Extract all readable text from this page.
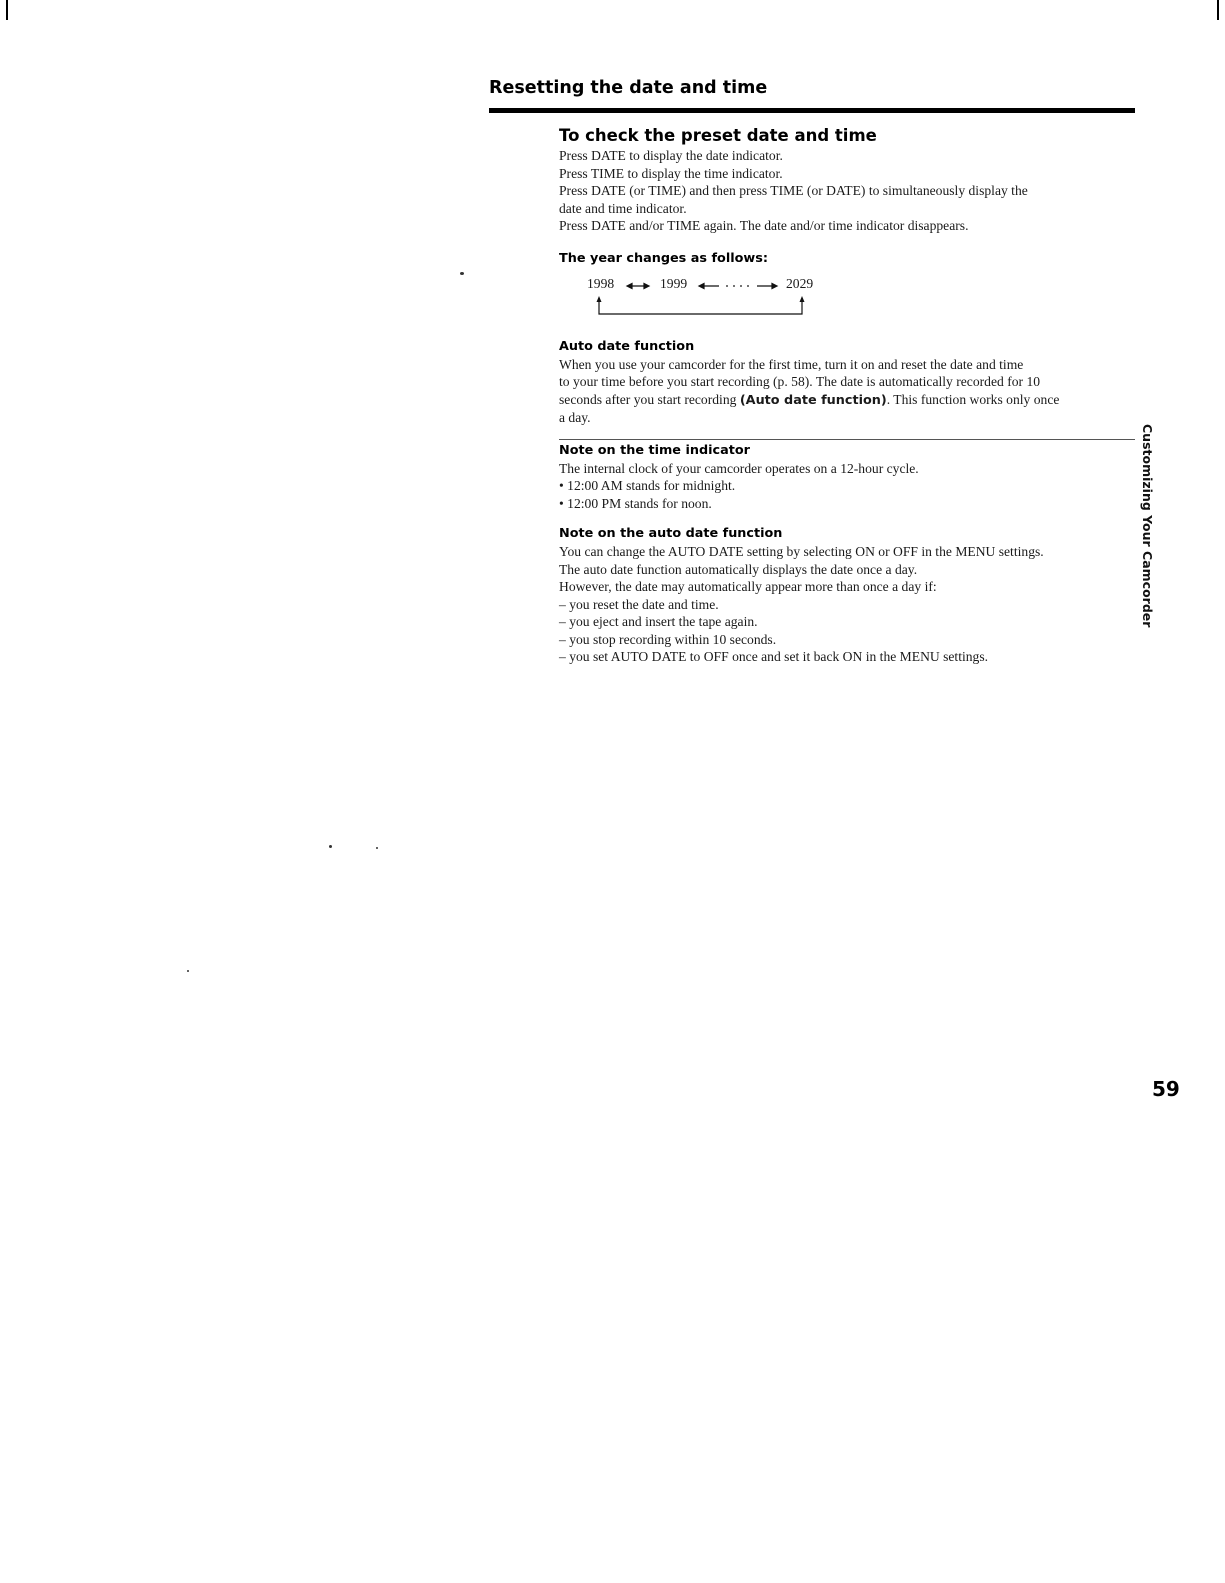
Resetting the date and time
To check the preset date and time

Press DATE to display the date indicator.

Press TIME to display the time indicator.

Press DATE (or TIME) and then press TIME (or DATE) to simultaneously display the

date and time indicator.

Press DATE and/or TIME again. The date and/or time indicator disappears.

The year changes as follows:

1998	1999	2029

Auto date function

When you use your camcorder for the first time, turn it on and reset the date and time

to your time before you start recording (p. 58). The date is automatically recorded for 10

seconds after you start recording (Auto date function). This function works only once

a day.

Note on the time indicator

The internal clock of your camcorder operates on a 12-hour cycle.

• 12:00 AM stands for midnight.

• 12:00 PM stands for noon.

Note on the auto date function

You can change the AUTO DATE setting by selecting ON or OFF in the MENU settings.

The auto date function automatically displays the date once a day.

However, the date may automatically appear more than once a day if:

– you reset the date and time.

– you eject and insert the tape again.

– you stop recording within 10 seconds.

– you set AUTO DATE to OFF once and set it back ON in the MENU settings.

Customizing Your Camcorder

59
